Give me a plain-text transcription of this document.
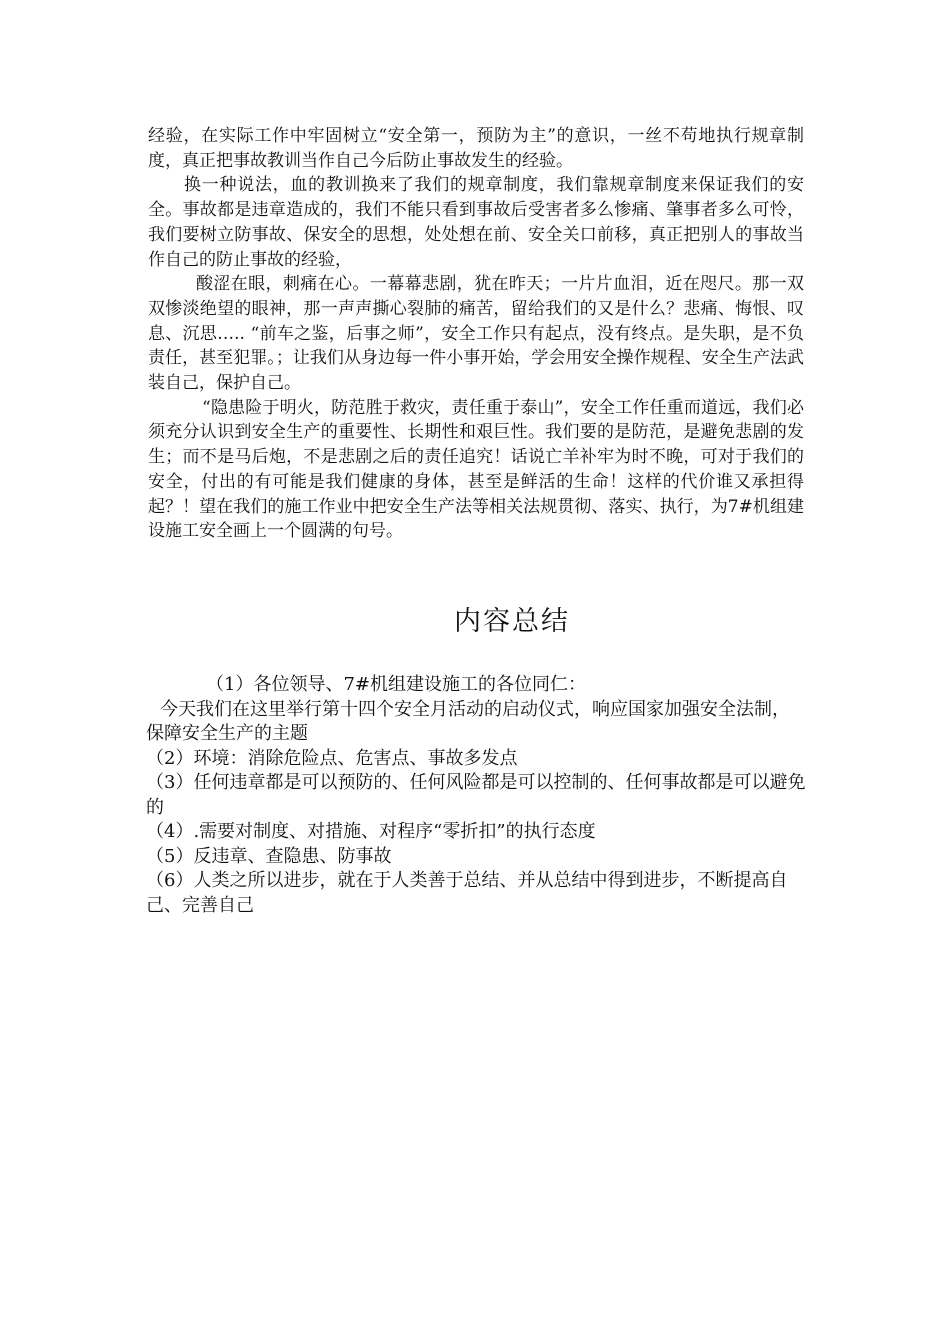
经验，在实际工作中牢固树立“安全第一，预防为主”的意识，一丝不苟地执行规章制度，真正把事故教训当作自己今后防止事故发生的经验。

换一种说法，血的教训换来了我们的规章制度，我们靠规章制度来保证我们的安全。事故都是违章造成的，我们不能只看到事故后受害者多么惨痛、肇事者多么可怜，我们要树立防事故、保安全的思想，处处想在前、安全关口前移，真正把别人的事故当作自己的防止事故的经验，

酸涩在眼，刺痛在心。一幕幕悲剧，犹在昨天；一片片血泪，近在咫尺。那一双双惨淡绝望的眼神，那一声声撕心裂肺的痛苦，留给我们的又是什么？悲痛、悔恨、叹息、沉思….. “前车之鉴，后事之师”，安全工作只有起点，没有终点。是失职，是不负责任，甚至犯罪。；让我们从身边每一件小事开始，学会用安全操作规程、安全生产法武装自己，保护自己。

“隐患险于明火，防范胜于救灾，责任重于泰山”，安全工作任重而道远，我们必须充分认识到安全生产的重要性、长期性和艰巨性。我们要的是防范，是避免悲剧的发生；而不是马后炮，不是悲剧之后的责任追究！话说亡羊补牢为时不晚，可对于我们的安全，付出的有可能是我们健康的身体，甚至是鲜活的生命！这样的代价谁又承担得起？！望在我们的施工作业中把安全生产法等相关法规贯彻、落实、执行，为7#机组建设施工安全画上一个圆满的句号。

内容总结

（1）各位领导、7#机组建设施工的各位同仁：

今天我们在这里举行第十四个安全月活动的启动仪式，响应国家加强安全法制，保障安全生产的主题

（2）环境：消除危险点、危害点、事故多发点

（3）任何违章都是可以预防的、任何风险都是可以控制的、任何事故都是可以避免的

（4）.需要对制度、对措施、对程序“零折扣”的执行态度

（5）反违章、查隐患、防事故

（6）人类之所以进步，就在于人类善于总结、并从总结中得到进步，不断提高自己、完善自己
